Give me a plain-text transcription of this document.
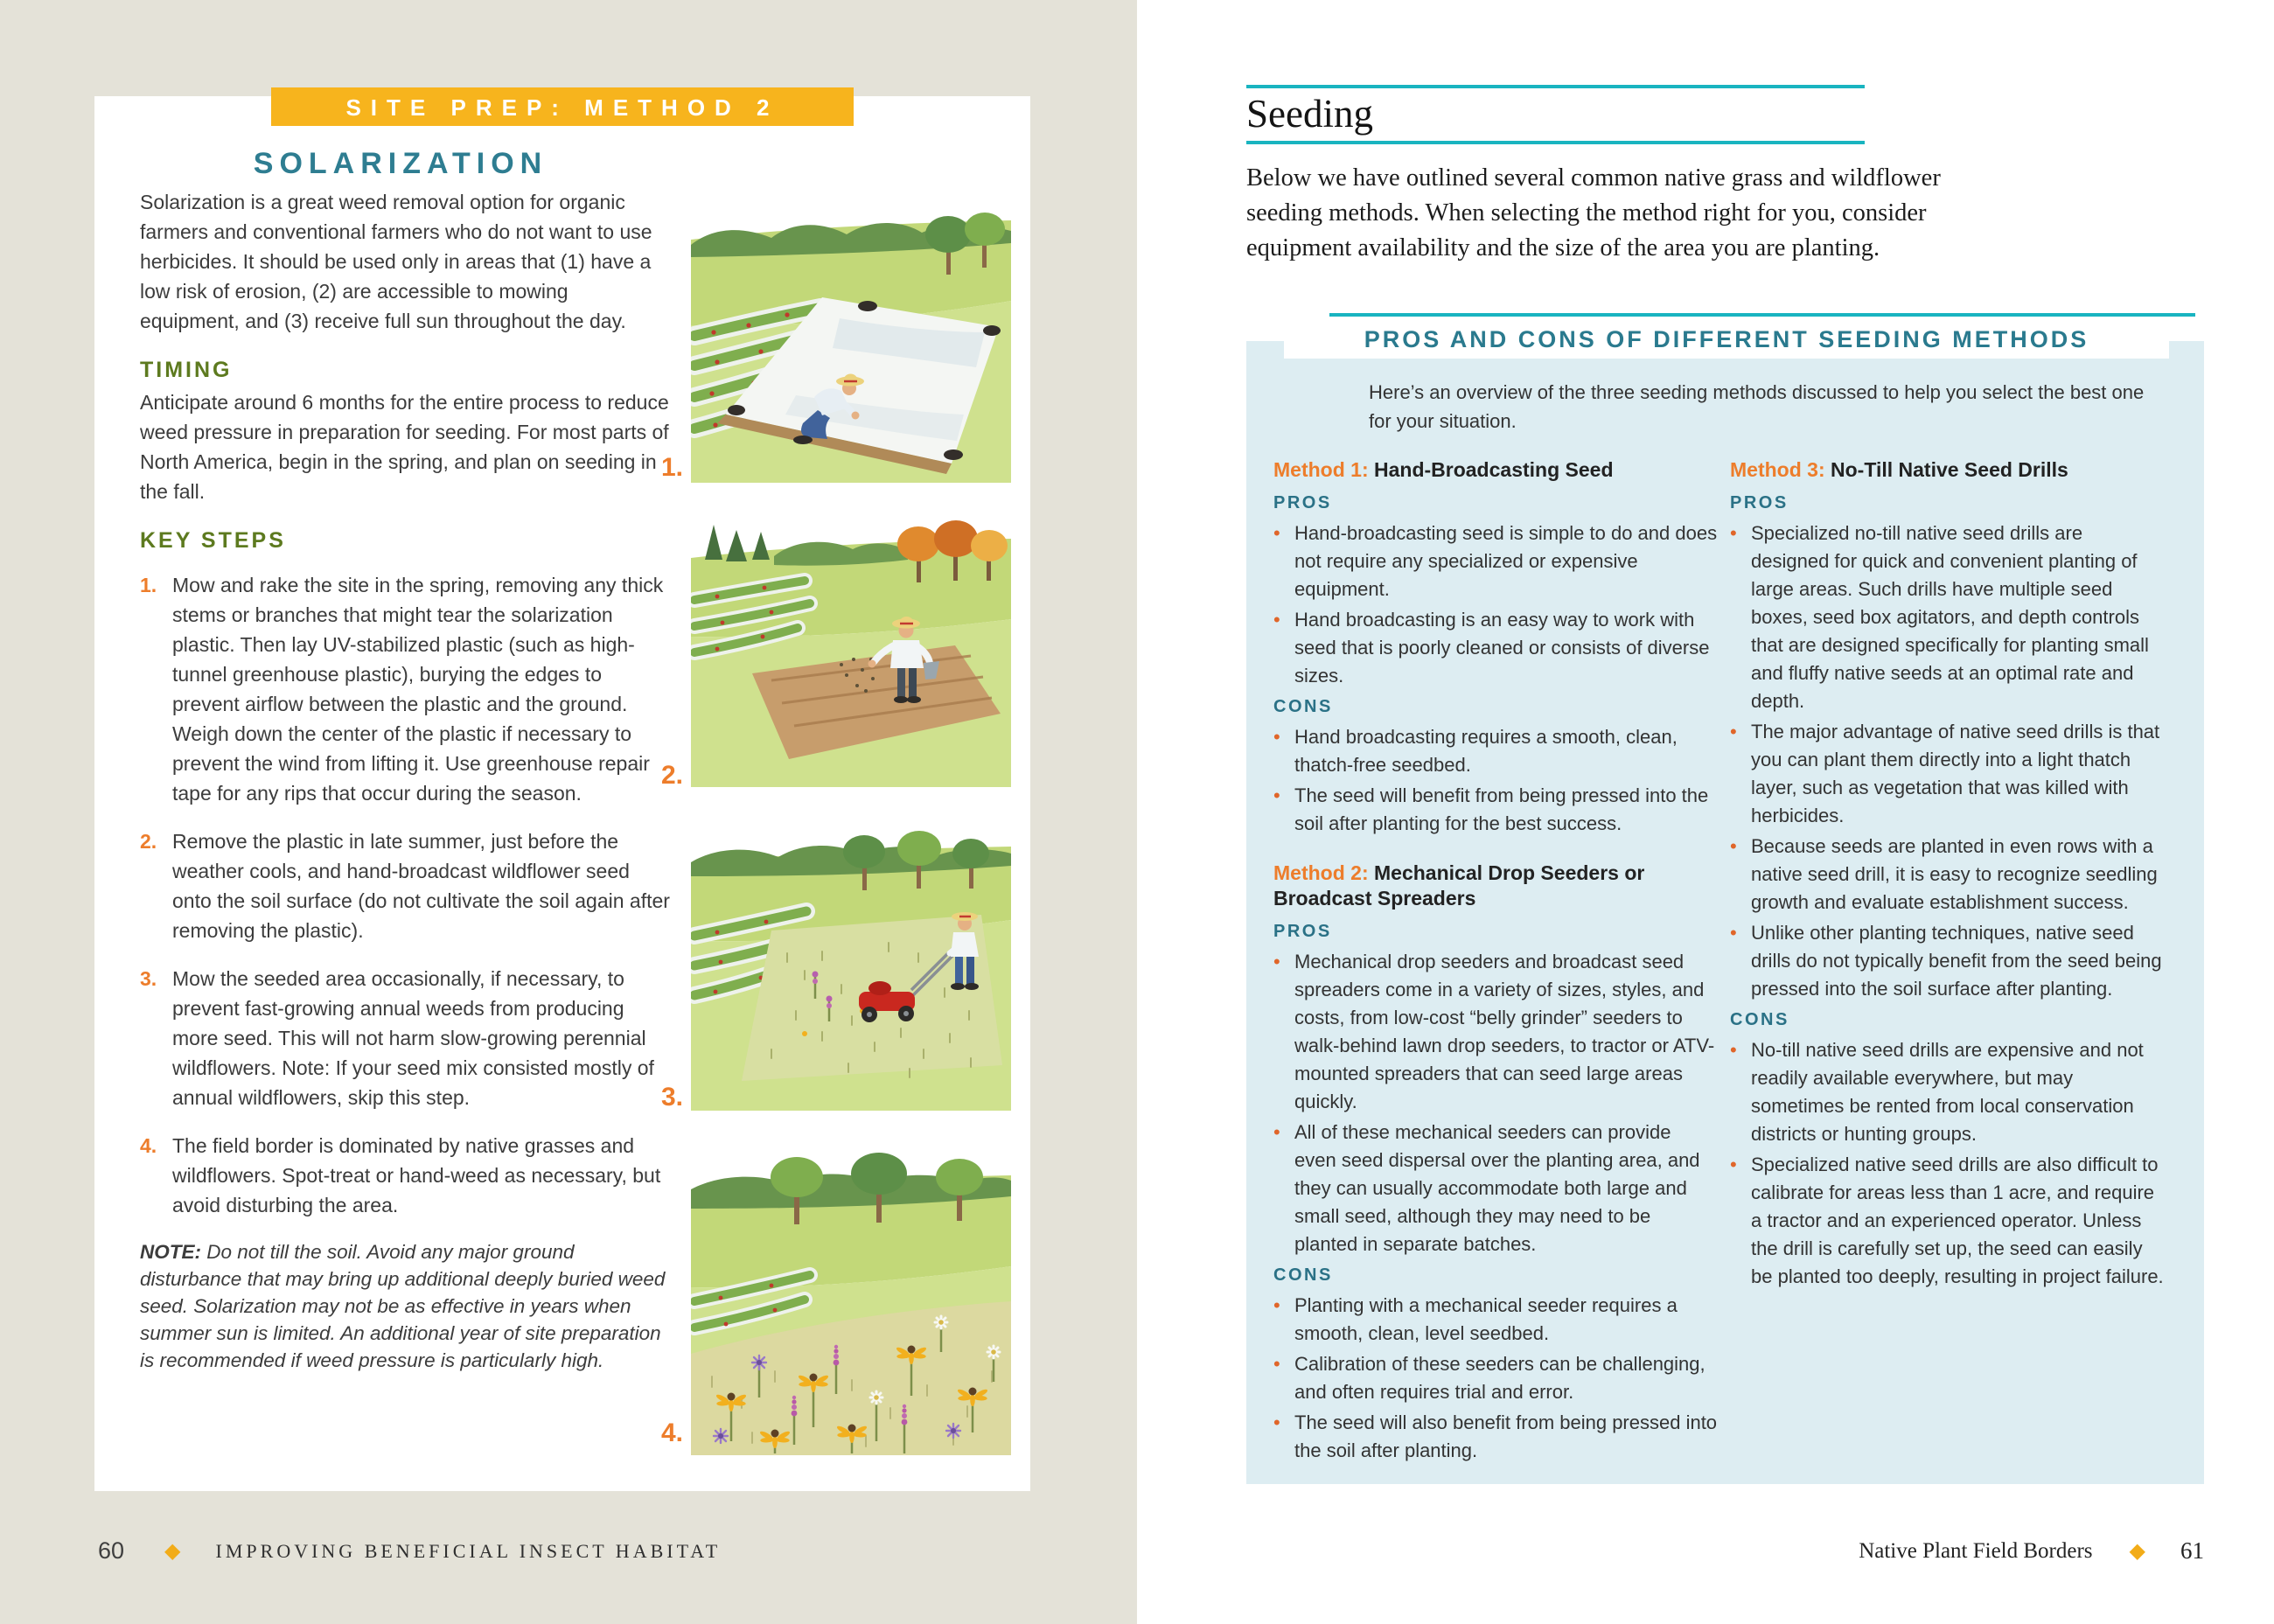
SITE PREP: METHOD 2
SOLARIZATION

Solarization is a great weed removal option for organic farmers and conventional farmers who do not want to use herbicides. It should be used only in areas that (1) have a low risk of erosion, (2) are accessible to mowing equipment, and (3) receive full sun throughout the day.

TIMING

Anticipate around 6 months for the entire process to reduce weed pressure in preparation for seeding. For most parts of North America, begin in the spring, and plan on seeding in the fall.

KEY STEPS
1. Mow and rake the site in the spring, removing any thick stems or branches that might tear the solarization plastic. Then lay UV-stabilized plastic (such as high-tunnel greenhouse plastic), burying the edges to prevent airflow between the plastic and the ground. Weigh down the center of the plastic if necessary to prevent the wind from lifting it. Use greenhouse repair tape for any rips that occur during the season.
2. Remove the plastic in late summer, just before the weather cools, and hand-broadcast wildflower seed onto the soil surface (do not cultivate the soil again after removing the plastic).
3. Mow the seeded area occasionally, if necessary, to prevent fast-growing annual weeds from producing more seed. This will not harm slow-growing perennial wildflowers. Note: If your seed mix consisted mostly of annual wildflowers, skip this step.
4. The field border is dominated by native grasses and wildflowers. Spot-treat or hand-weed as necessary, but avoid disturbing the area.

NOTE: Do not till the soil. Avoid any major ground disturbance that may bring up additional deeply buried weed seed. Solarization may not be as effective in years when summer sun is limited. An additional year of site preparation is recommended if weed pressure is particularly high.

1.
2.
3.
4.
60 ◆ IMPROVING BENEFICIAL INSECT HABITAT
Seeding
Below we have outlined several common native grass and wildflower seeding methods. When selecting the method right for you, consider equipment availability and the size of the area you are planting.
PROS AND CONS OF DIFFERENT SEEDING METHODS
Here’s an overview of the three seeding methods discussed to help you select the best one for your situation.
Method 1: Hand-Broadcasting Seed
PROS
•
Hand-broadcasting seed is simple to do and does not require any specialized or expensive equipment.
•
Hand broadcasting is an easy way to work with seed that is poorly cleaned or consists of diverse sizes.
CONS
•
Hand broadcasting requires a smooth, clean, thatch-free seedbed.
•
The seed will benefit from being pressed into the soil after planting for the best success.
Method 2: Mechanical Drop Seeders or Broadcast Spreaders
PROS
•
Mechanical drop seeders and broadcast seed spreaders come in a variety of sizes, styles, and costs, from low-cost “belly grinder” seeders to walk-behind lawn drop seeders, to tractor or ATV-mounted spreaders that can seed large areas quickly.
•
All of these mechanical seeders can provide even seed dispersal over the planting area, and they can usually accommodate both large and small seed, although they may need to be planted in separate batches.
CONS
•
Planting with a mechanical seeder requires a smooth, clean, level seedbed.
•
Calibration of these seeders can be challenging, and often requires trial and error.
•
The seed will also benefit from being pressed into the soil after planting.
Method 3: No-Till Native Seed Drills
PROS
•
Specialized no-till native seed drills are designed for quick and convenient planting of large areas. Such drills have multiple seed boxes, seed box agitators, and depth controls that are designed specifically for planting small and fluffy native seeds at an optimal rate and depth.
•
The major advantage of native seed drills is that you can plant them directly into a light thatch layer, such as vegetation that was killed with herbicides.
•
Because seeds are planted in even rows with a native seed drill, it is easy to recognize seedling growth and evaluate establishment success.
•
Unlike other planting techniques, native seed drills do not typically benefit from the seed being pressed into the soil surface after planting.
CONS
•
No-till native seed drills are expensive and not readily available everywhere, but may sometimes be rented from local conservation districts or hunting groups.
•
Specialized native seed drills are also difficult to calibrate for areas less than 1 acre, and require a tractor and an experienced operator. Unless the drill is carefully set up, the seed can easily be planted too deeply, resulting in project failure.
Native Plant Field Borders ◆ 61
